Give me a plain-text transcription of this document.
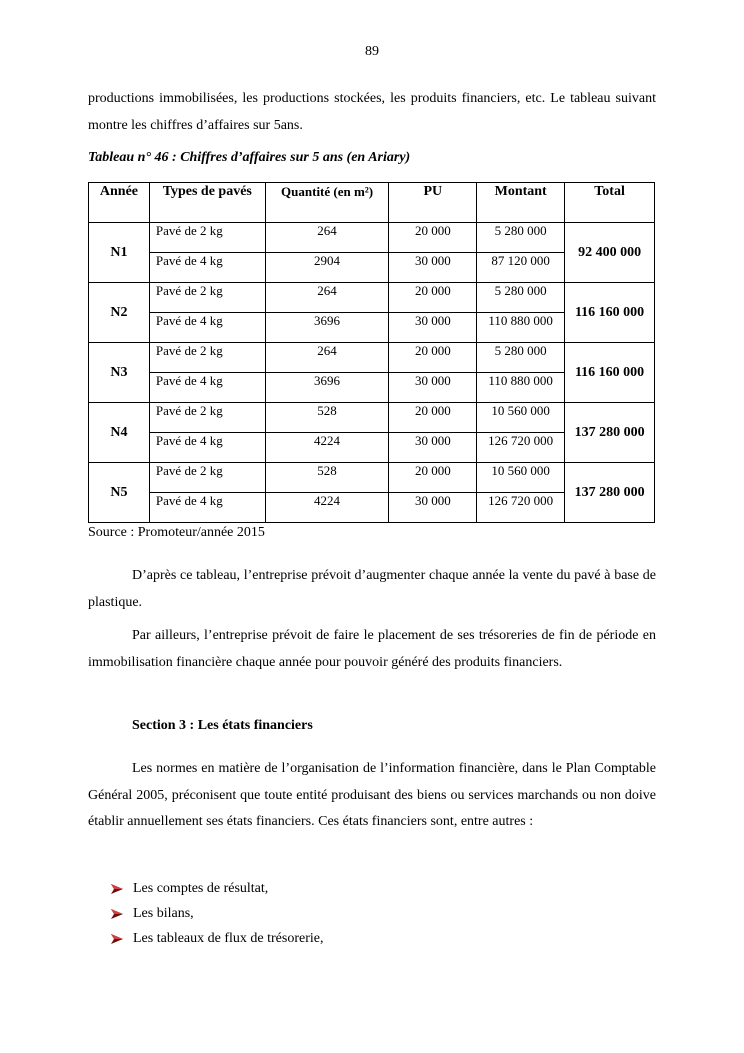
89

productions immobilisées, les productions stockées, les produits financiers, etc. Le tableau suivant montre les chiffres d’affaires sur 5ans.

Tableau n° 46 : Chiffres d’affaires sur 5 ans (en Ariary)
Année	Types de pavés	Quantité (en m²)	PU	Montant	Total
N1	Pavé de 2 kg	264	20 000	5 280 000	92 400 000
	Pavé de 4 kg	2904	30 000	87 120 000	
N2	Pavé de 2 kg	264	20 000	5 280 000	116 160 000
	Pavé de 4 kg	3696	30 000	110 880 000	
N3	Pavé de 2 kg	264	20 000	5 280 000	116 160 000
	Pavé de 4 kg	3696	30 000	110 880 000	
N4	Pavé de 2 kg	528	20 000	10 560 000	137 280 000
	Pavé de 4 kg	4224	30 000	126 720 000	
N5	Pavé de 2 kg	528	20 000	10 560 000	137 280 000
	Pavé de 4 kg	4224	30 000	126 720 000	
Source : Promoteur/année 2015

D’après ce tableau, l’entreprise prévoit d’augmenter chaque année la vente du pavé à base de plastique.

Par ailleurs, l’entreprise prévoit de faire le placement de ses trésoreries de fin de période en immobilisation financière chaque année pour pouvoir généré des produits financiers.

Section 3 : Les états financiers

Les normes en matière de l’organisation de l’information financière, dans le Plan Comptable Général 2005, préconisent que toute entité produisant des biens ou services marchands ou non doive établir annuellement ses états financiers. Ces états financiers sont, entre autres :

Les comptes de résultat,
Les bilans,
Les tableaux de flux de trésorerie,
